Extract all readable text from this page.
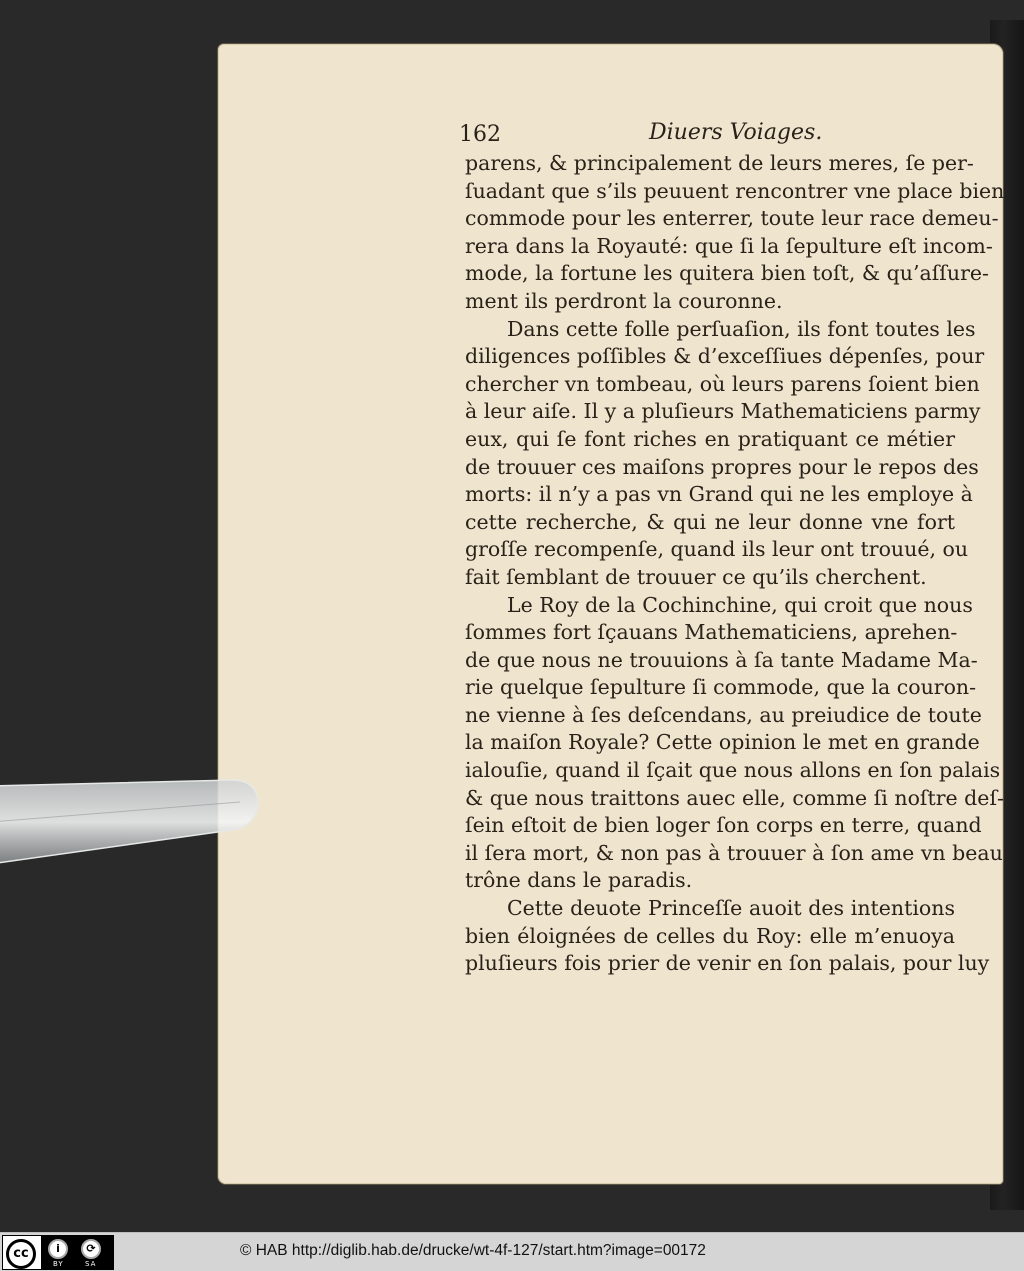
162	Diuers Voiages.
parens, & principalement de leurs meres, ſe per-
ſuadant que s’ils peuuent rencontrer vne place bien
commode pour les enterrer, toute leur race demeu-
rera dans la Royauté: que ſi la ſepulture eſt incom-
mode, la fortune les quitera bien toſt, & qu’aſſure-
ment ils perdront la couronne.
Dans cette folle perſuaſion, ils font toutes les
diligences poſſibles & d’exceſſiues dépenſes, pour
chercher vn tombeau, où leurs parens ſoient bien
à leur aiſe. Il y a pluſieurs Mathematiciens parmy
eux, qui ſe font riches en pratiquant ce métier
de trouuer ces maiſons propres pour le repos des
morts: il n’y a pas vn Grand qui ne les employe à
cette recherche, & qui ne leur donne vne fort
groſſe recompenſe, quand ils leur ont trouué, ou
fait ſemblant de trouuer ce qu’ils cherchent.
Le Roy de la Cochinchine, qui croit que nous
ſommes fort ſçauans Mathematiciens, aprehen-
de que nous ne trouuions à ſa tante Madame Ma-
rie quelque ſepulture ſi commode, que la couron-
ne vienne à ſes deſcendans, au preiudice de toute
la maiſon Royale? Cette opinion le met en grande
ialouſie, quand il ſçait que nous allons en ſon palais
& que nous traittons auec elle, comme ſi noſtre deſ-
ſein eſtoit de bien loger ſon corps en terre, quand
il ſera mort, & non pas à trouuer à ſon ame vn beau
trône dans le paradis.
Cette deuote Princeſſe auoit des intentions
bien éloignées de celles du Roy: elle m’enuoya
pluſieurs fois prier de venir en ſon palais, pour luy
cc	i	⟳
BY	SA
© HAB http://diglib.hab.de/drucke/wt-4f-127/start.htm?image=00172
